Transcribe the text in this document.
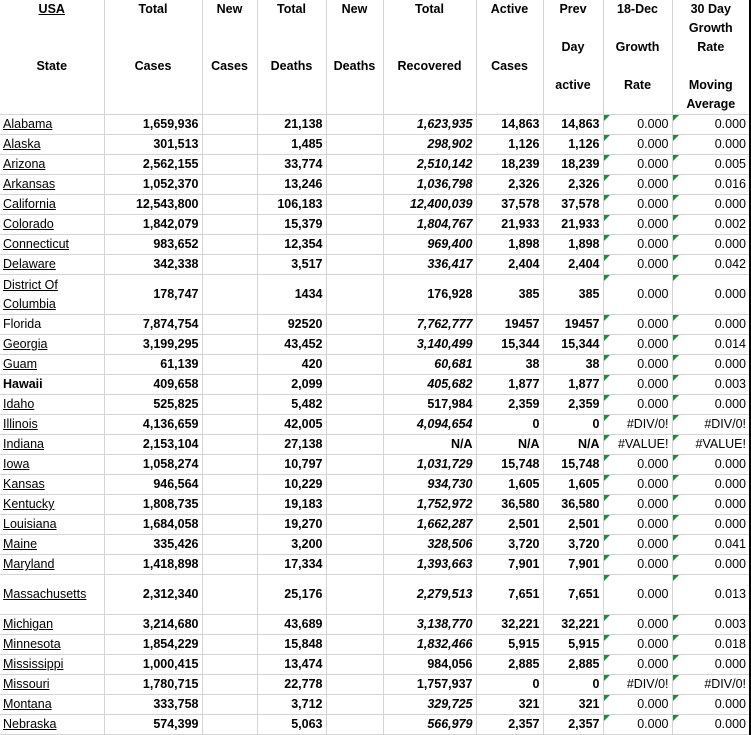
USA	Total	New	Total	New	Total	Active	Prev	18-Dec	30 Day
									Growth
							Day	Growth	Rate
State	Cases	Cases	Deaths	Deaths	Recovered	Cases			
							active	Rate	Moving
									Average
Alabama	1,659,936		21,138		1,623,935	14,863	14,863	0.000	0.000
Alaska	301,513		1,485		298,902	1,126	1,126	0.000	0.000
Arizona	2,562,155		33,774		2,510,142	18,239	18,239	0.000	0.005
Arkansas	1,052,370		13,246		1,036,798	2,326	2,326	0.000	0.016
California	12,543,800		106,183		12,400,039	37,578	37,578	0.000	0.000
Colorado	1,842,079		15,379		1,804,767	21,933	21,933	0.000	0.002
Connecticut	983,652		12,354		969,400	1,898	1,898	0.000	0.000
Delaware	342,338		3,517		336,417	2,404	2,404	0.000	0.042
District Of
Columbia	178,747		1434		176,928	385	385	0.000	0.000
Florida	7,874,754		92520		7,762,777	19457	19457	0.000	0.000
Georgia	3,199,295		43,452		3,140,499	15,344	15,344	0.000	0.014
Guam	61,139		420		60,681	38	38	0.000	0.000
Hawaii	409,658		2,099		405,682	1,877	1,877	0.000	0.003
Idaho	525,825		5,482		517,984	2,359	2,359	0.000	0.000
Illinois	4,136,659		42,005		4,094,654	0	0	#DIV/0!	#DIV/0!
Indiana	2,153,104		27,138		N/A	N/A	N/A	#VALUE!	#VALUE!
Iowa	1,058,274		10,797		1,031,729	15,748	15,748	0.000	0.000
Kansas	946,564		10,229		934,730	1,605	1,605	0.000	0.000
Kentucky	1,808,735		19,183		1,752,972	36,580	36,580	0.000	0.000
Louisiana	1,684,058		19,270		1,662,287	2,501	2,501	0.000	0.000
Maine	335,426		3,200		328,506	3,720	3,720	0.000	0.041
Maryland	1,418,898		17,334		1,393,663	7,901	7,901	0.000	0.000
Massachusetts	2,312,340		25,176		2,279,513	7,651	7,651	0.000	0.013
Michigan	3,214,680		43,689		3,138,770	32,221	32,221	0.000	0.003
Minnesota	1,854,229		15,848		1,832,466	5,915	5,915	0.000	0.018
Mississippi	1,000,415		13,474		984,056	2,885	2,885	0.000	0.000
Missouri	1,780,715		22,778		1,757,937	0	0	#DIV/0!	#DIV/0!
Montana	333,758		3,712		329,725	321	321	0.000	0.000
Nebraska	574,399		5,063		566,979	2,357	2,357	0.000	0.000
